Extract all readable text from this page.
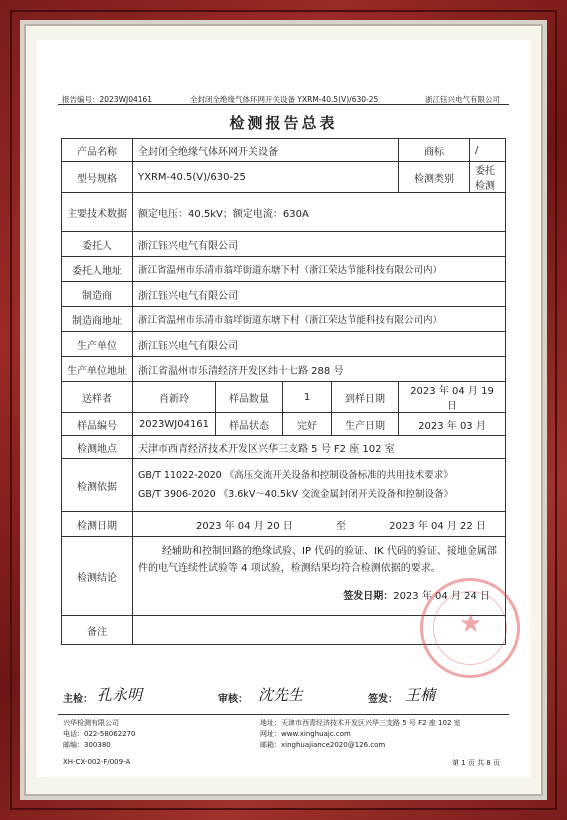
报告编号：2023WJ04161	全封闭全绝缘气体环网开关设备 YXRM-40.5(V)/630-25	浙江钰兴电气有限公司
检测报告总表
产品名称	全封闭全绝缘气体环网开关设备				商标	/
型号规格	YXRM-40.5(V)/630-25				检测类别	委托检测
主要技术数据	额定电压：40.5kV；额定电流：630A					
委托人	浙江钰兴电气有限公司					
委托人地址	浙江省温州市乐清市翁垟街道东塘下村（浙江荣达节能科技有限公司内）					
制造商	浙江钰兴电气有限公司					
制造商地址	浙江省温州市乐清市翁垟街道东塘下村（浙江荣达节能科技有限公司内）					
生产单位	浙江钰兴电气有限公司					
生产单位地址	浙江省温州市乐清经济开发区纬十七路 288 号					
送样者	肖新玲	样品数量	1	到样日期	2023 年 04 月 19 日	
样品编号	2023WJ04161	样品状态	完好	生产日期	2023 年 03 月	
检测地点	天津市西青经济技术开发区兴华三支路 5 号 F2 座 102 室					
检测依据	GB/T 11022-2020 《高压交流开关设备和控制设备标准的共用技术要求》
GB/T 3906-2020 《3.6kV～40.5kV 交流金属封闭开关设备和控制设备》					

检测日期	2023 年 04 月 20 日 至 2023 年 04 月 22 日					
检测结论	经辅助和控制回路的绝缘试验、IP 代码的验证、IK 代码的验证、接地金属部件的电气连续性试验等 4 项试验，检测结果均符合检测依据的要求。
签发日期：2023 年 04 月 24 日					

备注							★
主检： 孔永明	审核： 沈先生	签发： 王楠
兴华检测有限公司
电话：022-58062270
邮编：300380
地址：天津市西青经济技术开发区兴华三支路 5 号 F2 座 102 室
网址：www.xinghuajc.com
邮箱：xinghuajiance2020@126.com
XH-CX-002-F/009-A	第 1 页 共 8 页
